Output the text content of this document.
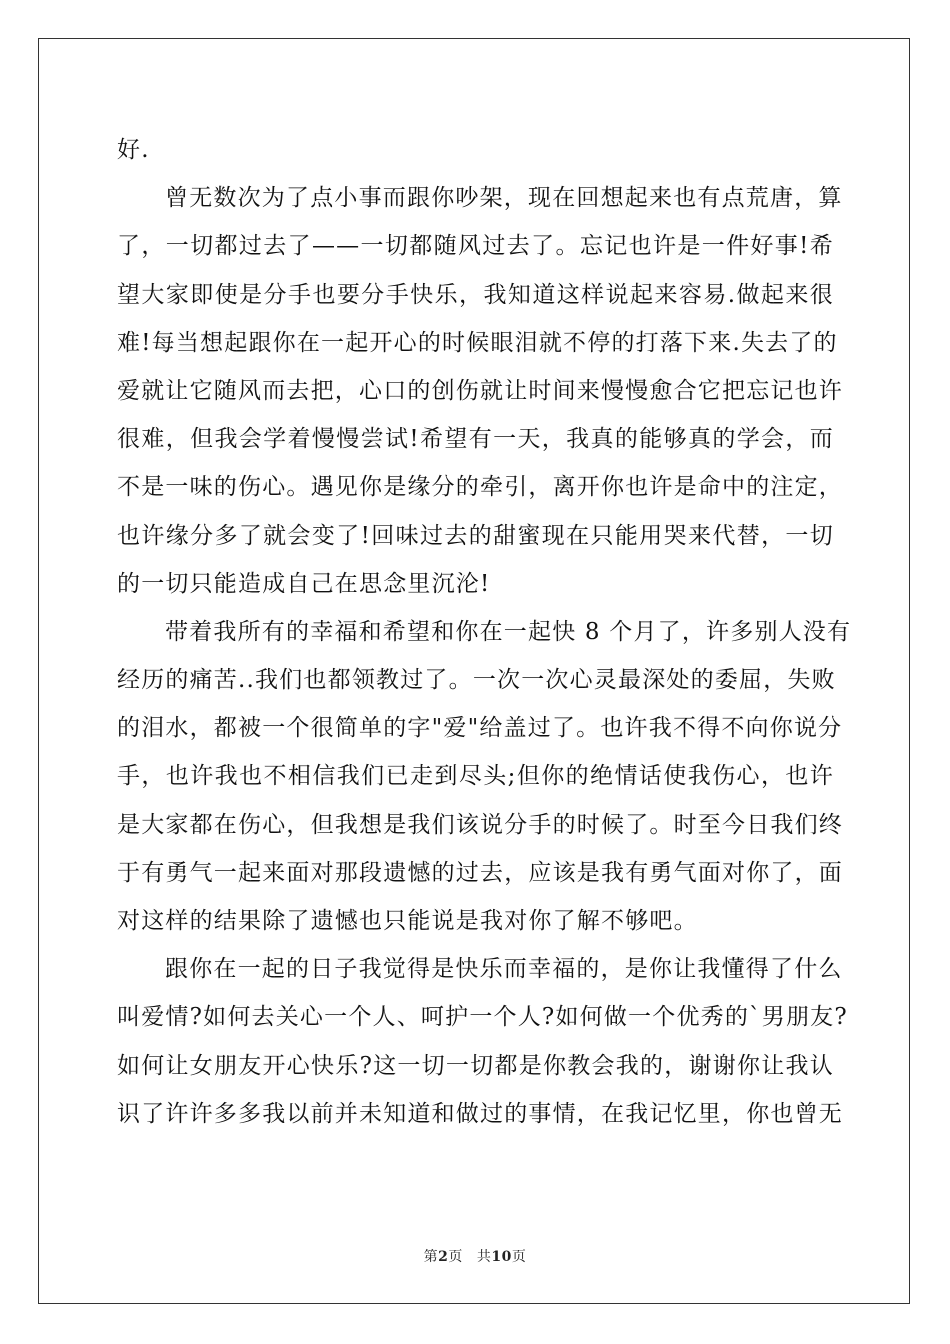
好.
曾无数次为了点小事而跟你吵架，现在回想起来也有点荒唐，算
了，一切都过去了——一切都随风过去了。忘记也许是一件好事!希
望大家即使是分手也要分手快乐，我知道这样说起来容易.做起来很
难!每当想起跟你在一起开心的时候眼泪就不停的打落下来.失去了的
爱就让它随风而去把，心口的创伤就让时间来慢慢愈合它把忘记也许
很难，但我会学着慢慢尝试!希望有一天，我真的能够真的学会，而
不是一味的伤心。遇见你是缘分的牵引，离开你也许是命中的注定，
也许缘分多了就会变了!回味过去的甜蜜现在只能用哭来代替，一切
的一切只能造成自己在思念里沉沦!
带着我所有的幸福和希望和你在一起快 8 个月了，许多别人没有
经历的痛苦..我们也都领教过了。一次一次心灵最深处的委屈，失败
的泪水，都被一个很简单的字"爱"给盖过了。也许我不得不向你说分
手，也许我也不相信我们已走到尽头;但你的绝情话使我伤心，也许
是大家都在伤心，但我想是我们该说分手的时候了。时至今日我们终
于有勇气一起来面对那段遗憾的过去，应该是我有勇气面对你了，面
对这样的结果除了遗憾也只能说是我对你了解不够吧。
跟你在一起的日子我觉得是快乐而幸福的，是你让我懂得了什么
叫爱情?如何去关心一个人、呵护一个人?如何做一个优秀的`男朋友?
如何让女朋友开心快乐?这一切一切都是你教会我的，谢谢你让我认
识了许许多多我以前并未知道和做过的事情，在我记忆里，你也曾无
第2页 共10页
